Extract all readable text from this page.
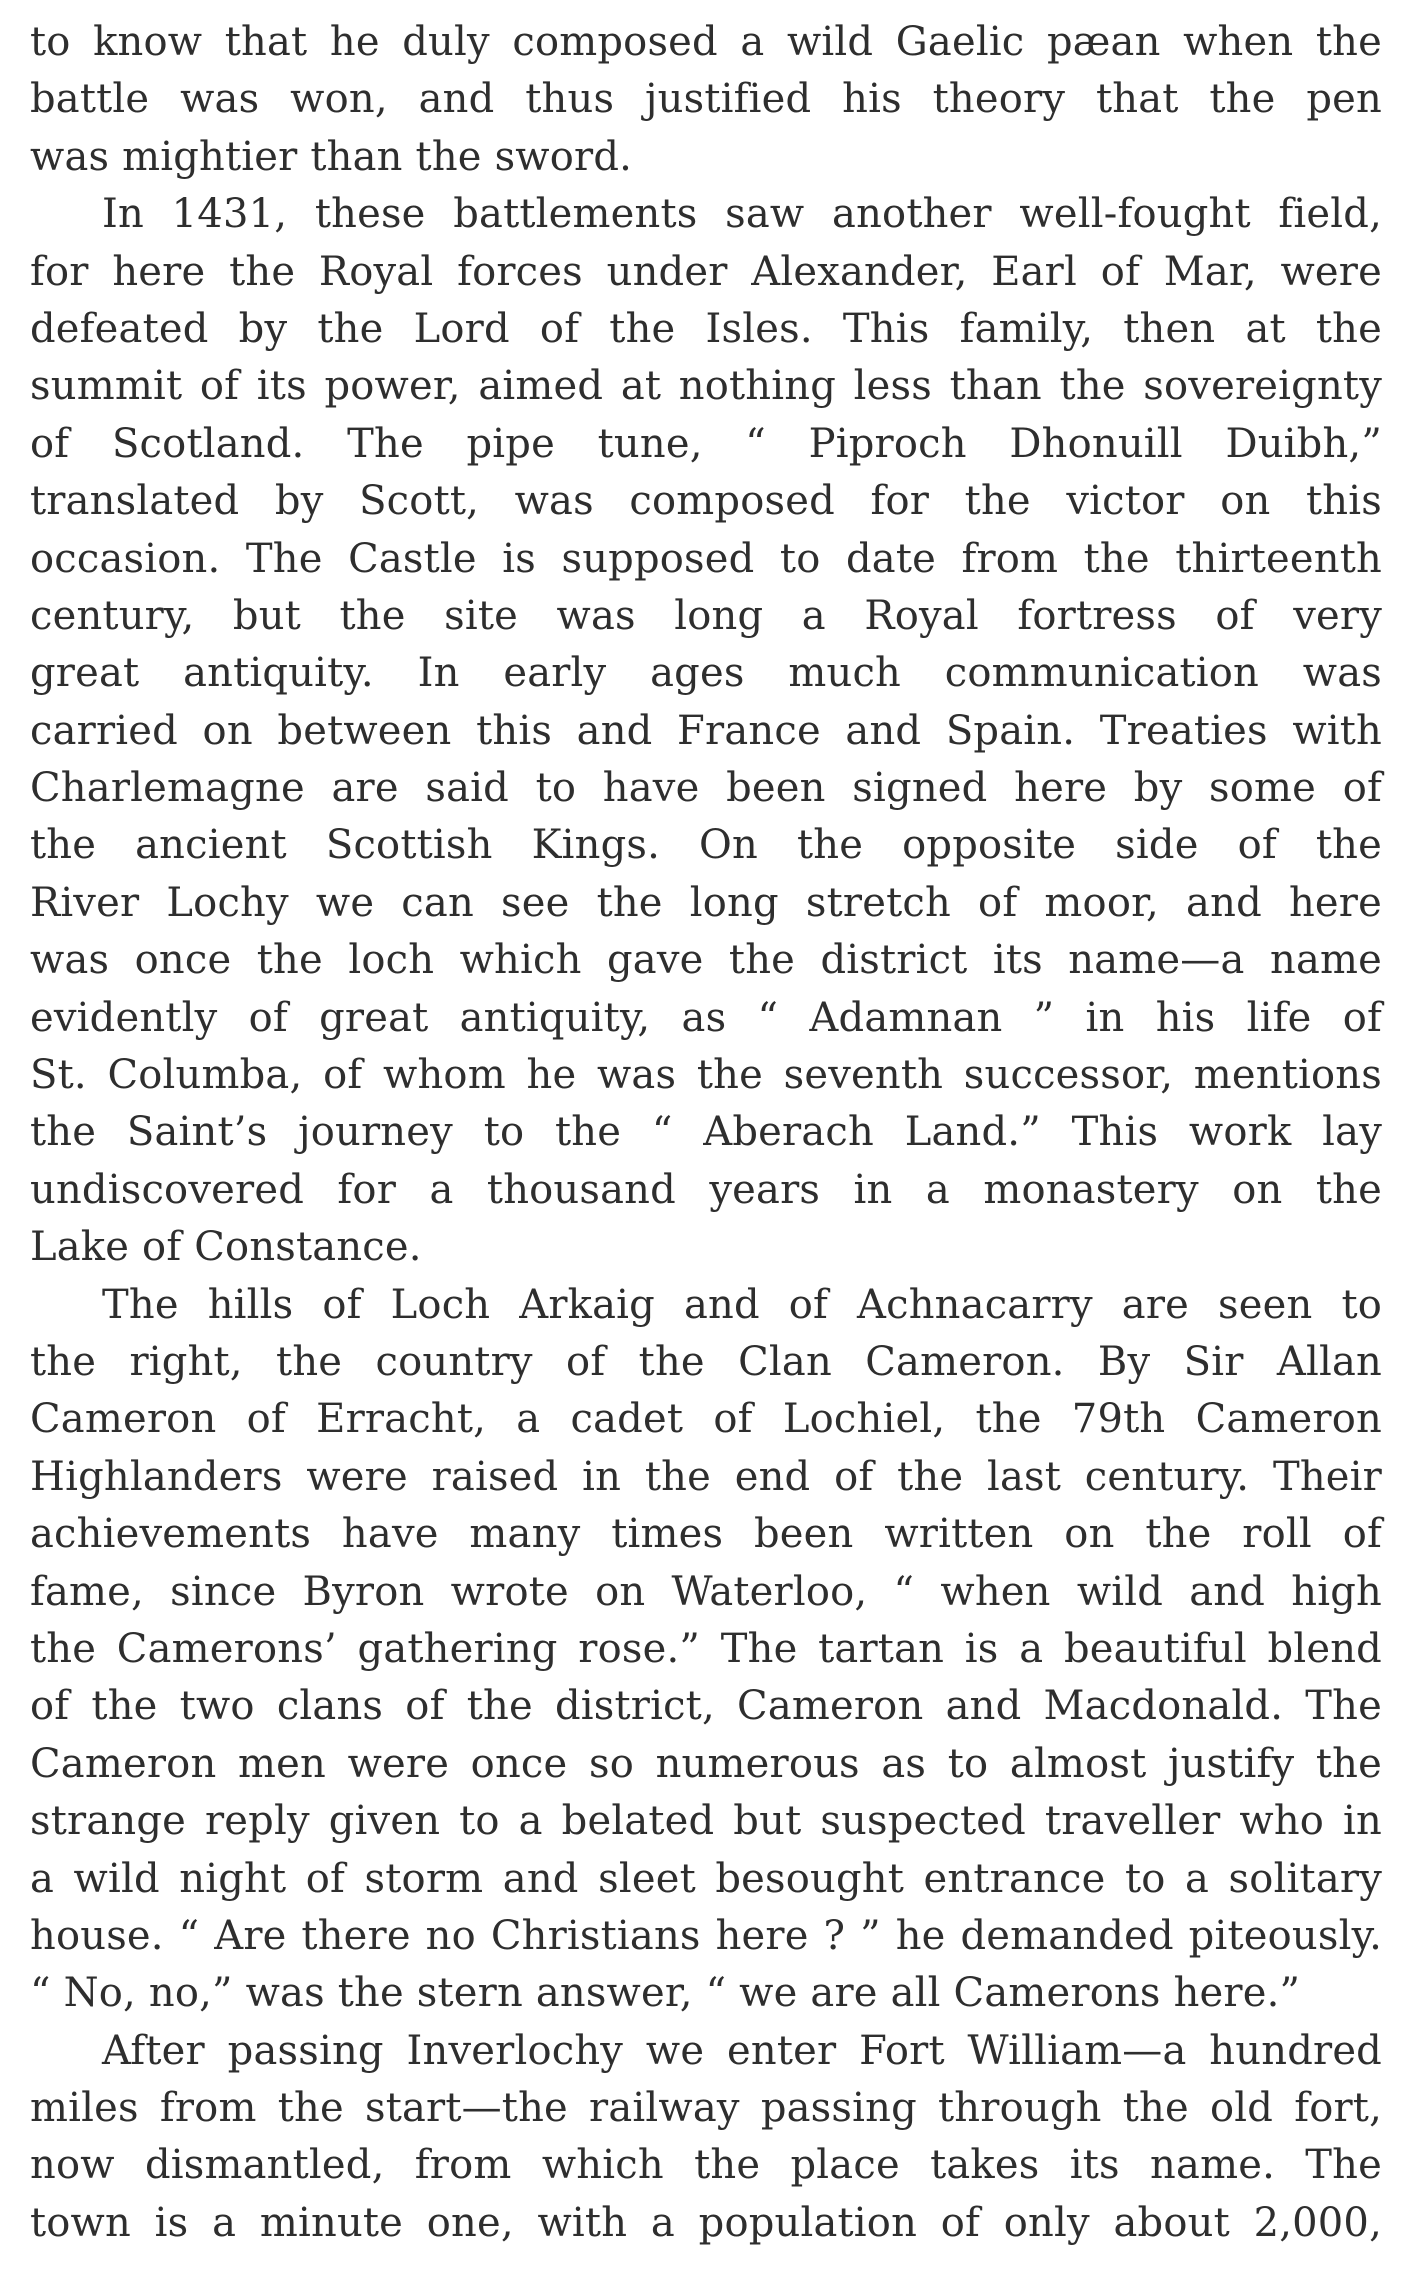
to know that he duly composed a wild Gaelic pæan when the
battle was won, and thus justified his theory that the pen
was mightier than the sword.
In 1431, these battlements saw another well-fought field,
for here the Royal forces under Alexander, Earl of Mar, were
defeated by the Lord of the Isles. This family, then at the
summit of its power, aimed at nothing less than the sovereignty
of Scotland. The pipe tune, “ Piproch Dhonuill Duibh,”
translated by Scott, was composed for the victor on this
occasion. The Castle is supposed to date from the thirteenth
century, but the site was long a Royal fortress of very
great antiquity. In early ages much communication was
carried on between this and France and Spain. Treaties with
Charlemagne are said to have been signed here by some of
the ancient Scottish Kings. On the opposite side of the
River Lochy we can see the long stretch of moor, and here
was once the loch which gave the district its name—a name
evidently of great antiquity, as “ Adamnan ” in his life of
St. Columba, of whom he was the seventh successor, mentions
the Saint’s journey to the “ Aberach Land.” This work lay
undiscovered for a thousand years in a monastery on the
Lake of Constance.
The hills of Loch Arkaig and of Achnacarry are seen to
the right, the country of the Clan Cameron. By Sir Allan
Cameron of Erracht, a cadet of Lochiel, the 79th Cameron
Highlanders were raised in the end of the last century. Their
achievements have many times been written on the roll of
fame, since Byron wrote on Waterloo, “ when wild and high
the Camerons’ gathering rose.” The tartan is a beautiful blend
of the two clans of the district, Cameron and Macdonald. The
Cameron men were once so numerous as to almost justify the
strange reply given to a belated but suspected traveller who in
a wild night of storm and sleet besought entrance to a solitary
house. “ Are there no Christians here ? ” he demanded piteously.
“ No, no,” was the stern answer, “ we are all Camerons here.”
After passing Inverlochy we enter Fort William—a hundred
miles from the start—the railway passing through the old fort,
now dismantled, from which the place takes its name. The
town is a minute one, with a population of only about 2,000,
